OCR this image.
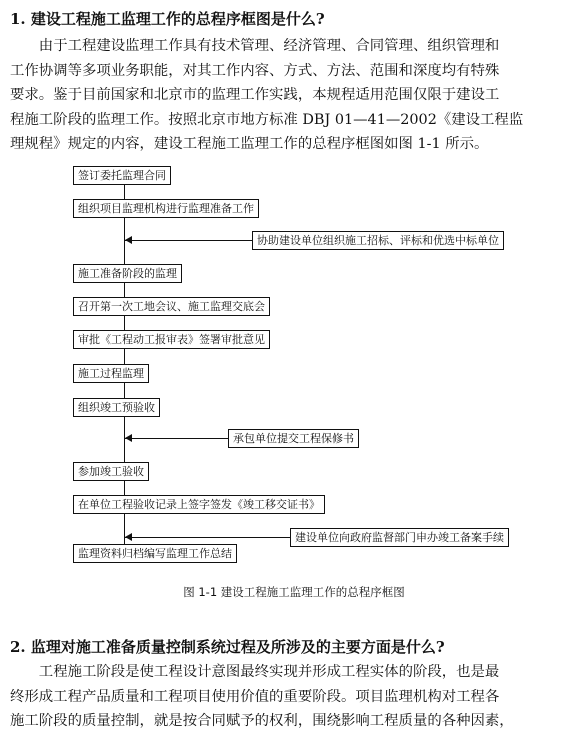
1. 建设工程施工监理工作的总程序框图是什么?
由于工程建设监理工作具有技术管理、经济管理、合同管理、组织管理和
工作协调等多项业务职能，对其工作内容、方式、方法、范围和深度均有特殊
要求。鉴于目前国家和北京市的监理工作实践，本规程适用范围仅限于建设工
程施工阶段的监理工作。按照北京市地方标准 DBJ 01—41—2002《建设工程监
理规程》规定的内容，建设工程施工监理工作的总程序框图如图 1-1 所示。
签订委托监理合同
组织项目监理机构进行监理准备工作
协助建设单位组织施工招标、评标和优选中标单位
施工准备阶段的监理
召开第一次工地会议、施工监理交底会
审批《工程动工报审表》签署审批意见
施工过程监理
组织竣工预验收
承包单位提交工程保修书
参加竣工验收
在单位工程验收记录上签字签发《竣工移交证书》
建设单位向政府监督部门申办竣工备案手续
监理资料归档编写监理工作总结
图 1-1 建设工程施工监理工作的总程序框图
2. 监理对施工准备质量控制系统过程及所涉及的主要方面是什么?
工程施工阶段是使工程设计意图最终实现并形成工程实体的阶段，也是最
终形成工程产品质量和工程项目使用价值的重要阶段。项目监理机构对工程各
施工阶段的质量控制，就是按合同赋予的权利，围绕影响工程质量的各种因素，
